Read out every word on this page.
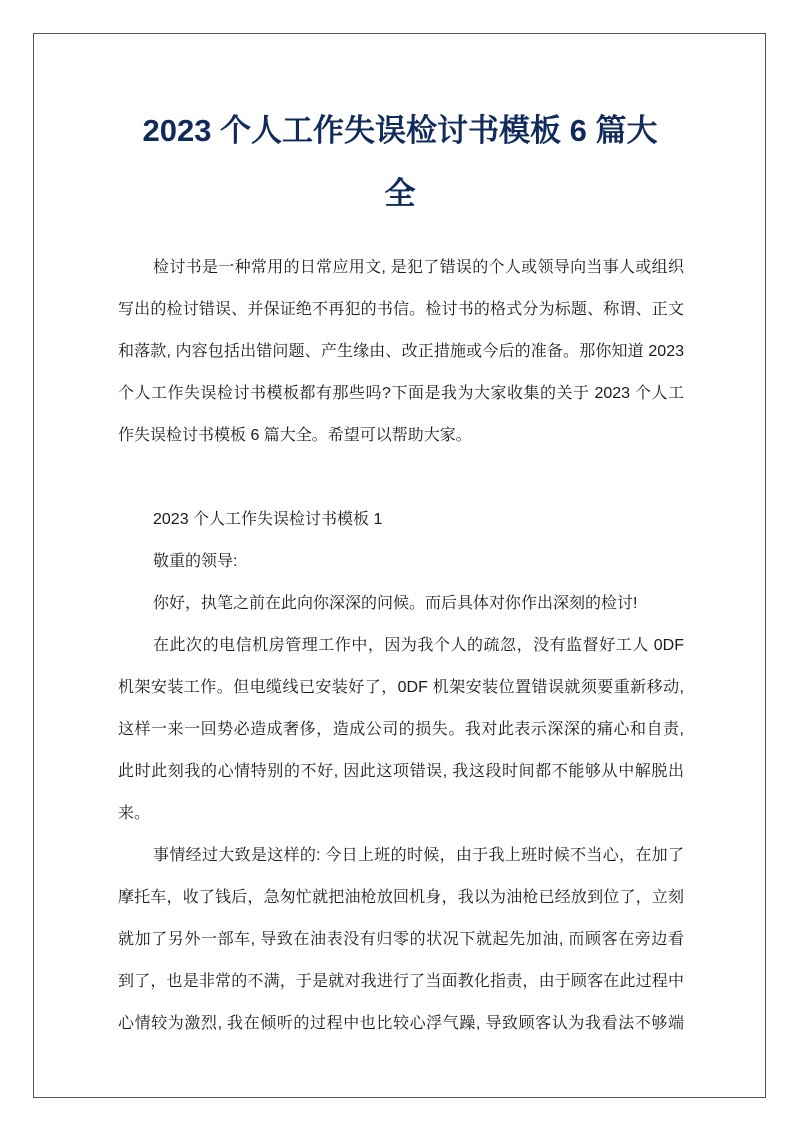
2023 个人工作失误检讨书模板 6 篇大
全
检讨书是一种常用的日常应用文, 是犯了错误的个人或领导向当事人或组织
写出的检讨错误、并保证绝不再犯的书信。检讨书的格式分为标题、称谓、正文
和落款, 内容包括出错问题、产生缘由、改正措施或今后的准备。那你知道 2023
个人工作失误检讨书模板都有那些吗?下面是我为大家收集的关于 2023 个人工
作失误检讨书模板 6 篇大全。希望可以帮助大家。
2023 个人工作失误检讨书模板 1
敬重的领导:
你好，执笔之前在此向你深深的问候。而后具体对你作出深刻的检讨!
在此次的电信机房管理工作中，因为我个人的疏忽，没有监督好工人 0DF
机架安装工作。但电缆线已安装好了，0DF 机架安装位置错误就须要重新移动,
这样一来一回势必造成奢侈，造成公司的损失。我对此表示深深的痛心和自责,
此时此刻我的心情特别的不好, 因此这项错误, 我这段时间都不能够从中解脱出
来。
事情经过大致是这样的: 今日上班的时候，由于我上班时候不当心，在加了
摩托车，收了钱后，急匆忙就把油枪放回机身，我以为油枪已经放到位了，立刻
就加了另外一部车, 导致在油表没有归零的状况下就起先加油, 而顾客在旁边看
到了，也是非常的不满，于是就对我进行了当面教化指责，由于顾客在此过程中
心情较为激烈, 我在倾听的过程中也比较心浮气躁, 导致顾客认为我看法不够端
